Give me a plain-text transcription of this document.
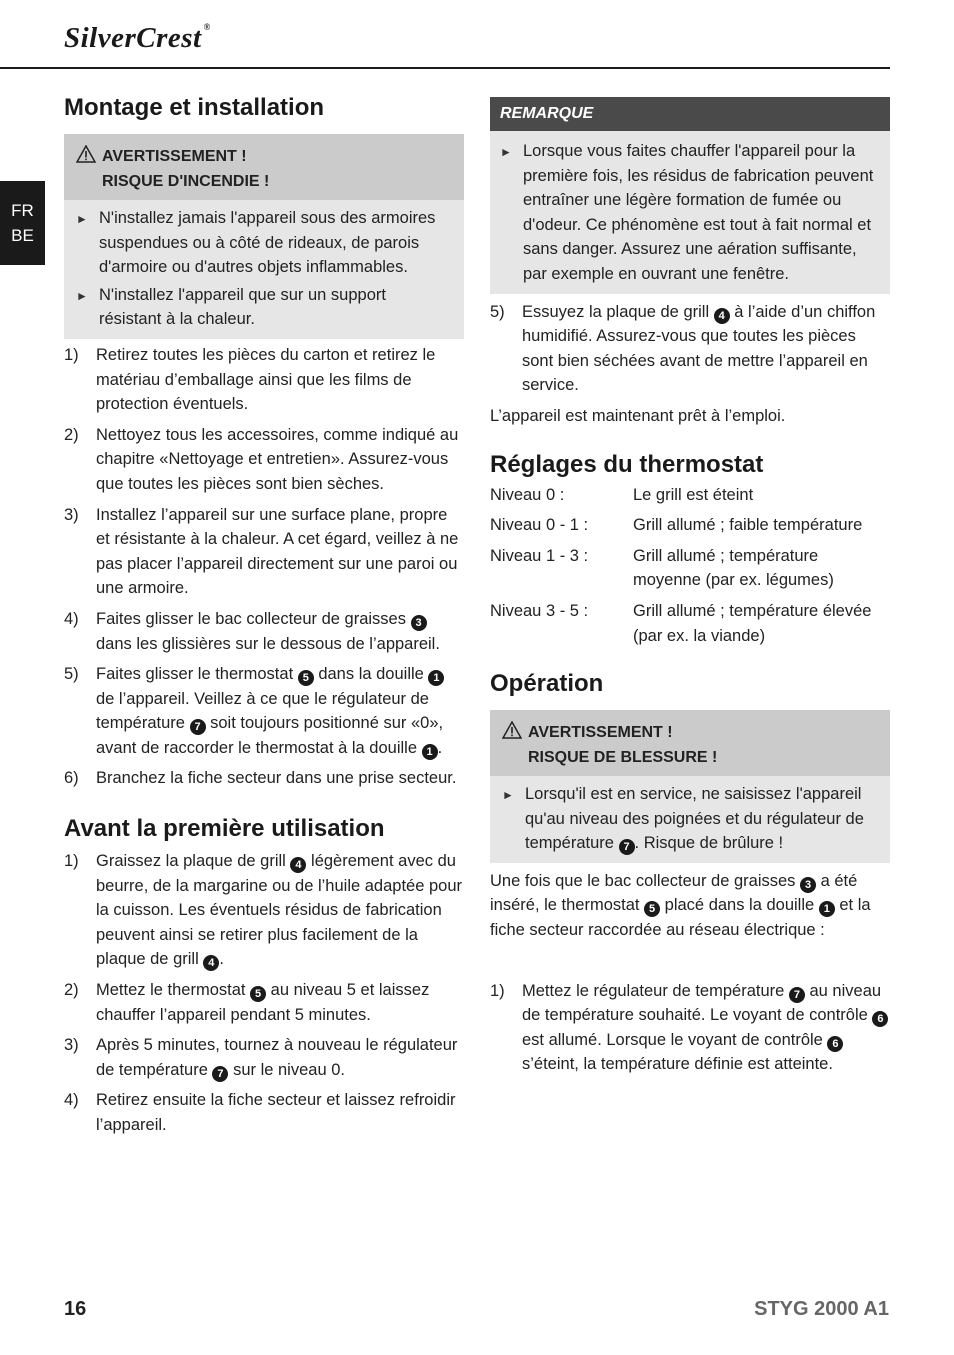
SilverCrest ®
FR
BE
Montage et installation
AVERTISSEMENT !
RISQUE D'INCENDIE !
► N'installez jamais l'appareil sous des armoires suspendues ou à côté de rideaux, de parois d'armoire ou d'autres objets inflammables.
► N'installez l'appareil que sur un support résistant à la chaleur.
1)	Retirez toutes les pièces du carton et retirez le matériau d’emballage ainsi que les films de protection éventuels.
2)	Nettoyez tous les accessoires, comme indiqué au chapitre «Nettoyage et entretien». Assurez-vous que toutes les pièces sont bien sèches.
3)	Installez l’appareil sur une surface plane, propre et résistante à la chaleur. A cet égard, veillez à ne pas placer l’appareil directement sur une paroi ou une armoire.
4)	Faites glisser le bac collecteur de graisses 3 dans les glissières sur le dessous de l’appareil.
5)	Faites glisser le thermostat 5 dans la douille 1 de l’appareil. Veillez à ce que le régulateur de température 7 soit toujours positionné sur «0», avant de raccorder le thermostat à la douille 1 .
6)	Branchez la fiche secteur dans une prise secteur.
Avant la première utilisation
1)	Graissez la plaque de grill 4 légèrement avec du beurre, de la margarine ou de l’huile adaptée pour la cuisson. Les éventuels résidus de fabrication peuvent ainsi se retirer plus facilement de la plaque de grill 4 .
2)	Mettez le thermostat 5 au niveau 5 et laissez chauffer l’appareil pendant 5 minutes.
3)	Après 5 minutes, tournez à nouveau le régulateur de température 7 sur le niveau 0.
4)	Retirez ensuite la fiche secteur et laissez refroidir l’appareil.
REMARQUE
► Lorsque vous faites chauffer l'appareil pour la première fois, les résidus de fabrication peuvent entraîner une légère formation de fumée ou d'odeur. Ce phénomène est tout à fait normal et sans danger. Assurez une aération suffisante, par exemple en ouvrant une fenêtre.
5)	Essuyez la plaque de grill 4 à l’aide d’un chiffon humidifié. Assurez-vous que toutes les pièces sont bien séchées avant de mettre l’appareil en service.

L’appareil est maintenant prêt à l’emploi.

Réglages du thermostat
Niveau 0 :	Le grill est éteint
Niveau 0 - 1 :	Grill allumé ; faible température
Niveau 1 - 3 :	Grill allumé ; température moyenne (par ex. légumes)
Niveau 3 - 5 :	Grill allumé ; température élevée (par ex. la viande)
Opération
AVERTISSEMENT !
RISQUE DE BLESSURE !
► Lorsqu'il est en service, ne saisissez l'appareil qu'au niveau des poignées et du régulateur de température 7 . Risque de brûlure !

Une fois que le bac collecteur de graisses 3 a été inséré, le thermostat 5 placé dans la douille 1 et la fiche secteur raccordée au réseau électrique :

1)	Mettez le régulateur de température 7 au niveau de température souhaité. Le voyant de contrôle 6 est allumé. Lorsque le voyant de contrôle 6 s’éteint, la température définie est atteinte.
16	STYG 2000 A1
